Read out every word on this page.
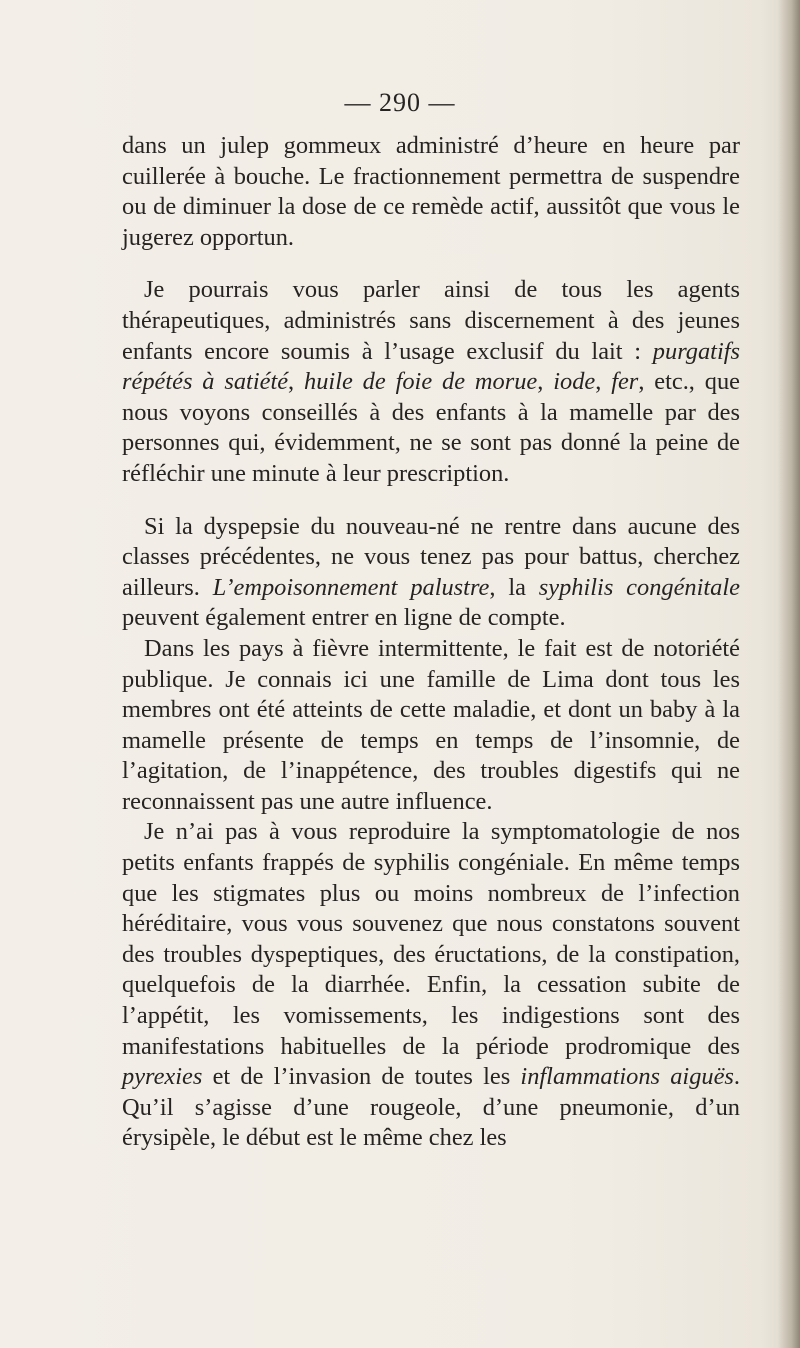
— 290 —

dans un julep gommeux administré d’heure en heure par cuillerée à bouche. Le fractionnement permettra de suspendre ou de diminuer la dose de ce remède actif, aussitôt que vous le jugerez opportun.

Je pourrais vous parler ainsi de tous les agents thérapeutiques, administrés sans discernement à des jeunes enfants encore soumis à l’usage exclusif du lait : purgatifs répétés à satiété, huile de foie de morue, iode, fer, etc., que nous voyons conseillés à des enfants à la mamelle par des personnes qui, évidemment, ne se sont pas donné la peine de réfléchir une minute à leur prescription.

Si la dyspepsie du nouveau-né ne rentre dans aucune des classes précédentes, ne vous tenez pas pour battus, cherchez ailleurs. L’empoisonnement palustre, la syphilis congénitale peuvent également entrer en ligne de compte.

Dans les pays à fièvre intermittente, le fait est de notoriété publique. Je connais ici une famille de Lima dont tous les membres ont été atteints de cette maladie, et dont un baby à la mamelle présente de temps en temps de l’insomnie, de l’agitation, de l’inappétence, des troubles digestifs qui ne reconnaissent pas une autre influence.

Je n’ai pas à vous reproduire la symptomatologie de nos petits enfants frappés de syphilis congéniale. En même temps que les stigmates plus ou moins nombreux de l’infection héréditaire, vous vous souvenez que nous constatons souvent des troubles dyspeptiques, des éructations, de la constipation, quelquefois de la diarrhée. Enfin, la cessation subite de l’appétit, les vomissements, les indigestions sont des manifestations habituelles de la période prodromique des pyrexies et de l’invasion de toutes les inflammations aiguës. Qu’il s’agisse d’une rougeole, d’une pneumonie, d’un érysipèle, le début est le même chez les
